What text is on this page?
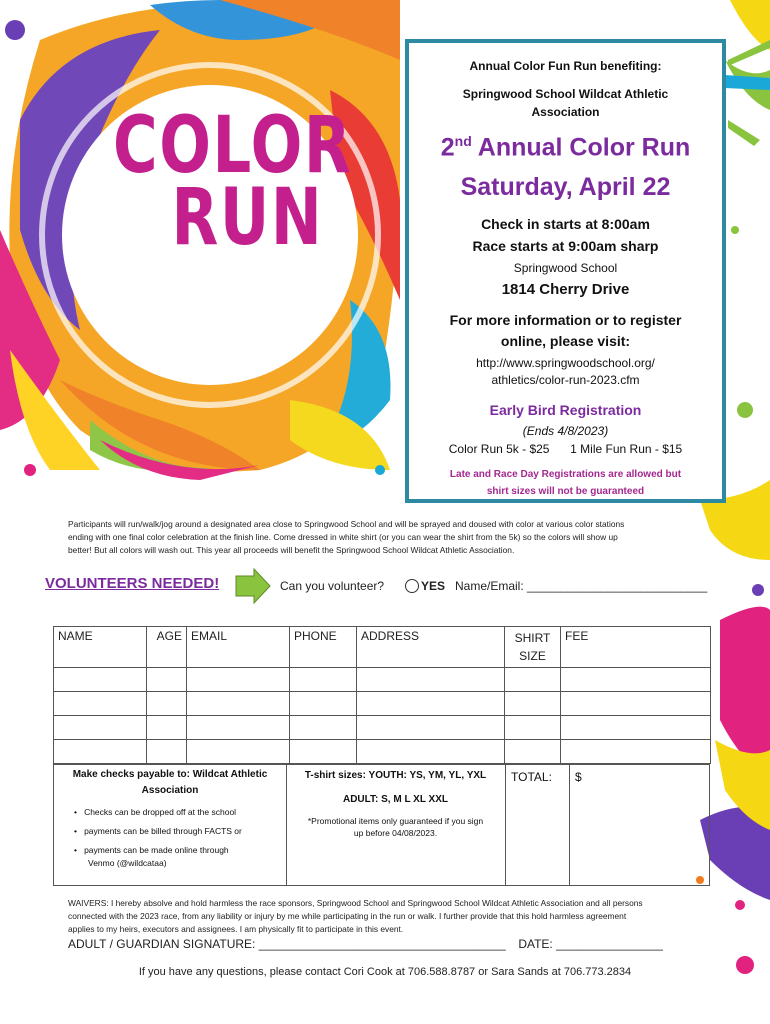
COLOR
RUN
Annual Color Fun Run benefiting:
Springwood School Wildcat Athletic
Association
2nd Annual Color Run
Saturday, April 22
Check in starts at 8:00am
Race starts at 9:00am sharp
Springwood School
1814 Cherry Drive
For more information or to register
online, please visit:
http://www.springwoodschool.org/
athletics/color-run-2023.cfm
Early Bird Registration
(Ends 4/8/2023)
Color Run 5k - $25 1 Mile Fun Run - $15
Late and Race Day Registrations are allowed but
shirt sizes will not be guaranteed
Participants will run/walk/jog around a designated area close to Springwood School and will be sprayed and doused with color at various color stations
ending with one final color celebration at the finish line. Come dressed in white shirt (or you can wear the shirt from the 5k) so the colors will show up
better! But all colors will wash out. This year all proceeds will benefit the Springwood School Wildcat Athletic Association.
VOLUNTEERS NEEDED!	Can you volunteer?	YES Name/Email: ___________________________
NAME	AGE	EMAIL	PHONE	ADDRESS	SHIRT SIZE	FEE

Make checks payable to: Wildcat Athletic
Association
•   Checks can be dropped off at the school
•   payments can be billed through FACTS or
•   payments can be made online through
Venmo (@wildcataa)
T-shirt sizes: YOUTH: YS, YM, YL, YXL
ADULT: S, M L XL XXL
*Promotional items only guaranteed if you sign
up before 04/08/2023.
TOTAL: $
WAIVERS: I hereby absolve and hold harmless the race sponsors, Springwood School and Springwood School Wildcat Athletic Association and all persons
connected with the 2023 race, from any liability or injury by me while participating in the run or walk. I further provide that this hold harmless agreement
applies to my heirs, executors and assignees. I am physically fit to participate in this event.
ADULT / GUARDIAN SIGNATURE: _____________________________________ DATE: ________________
If you have any questions, please contact Cori Cook at 706.588.8787 or Sara Sands at 706.773.2834
